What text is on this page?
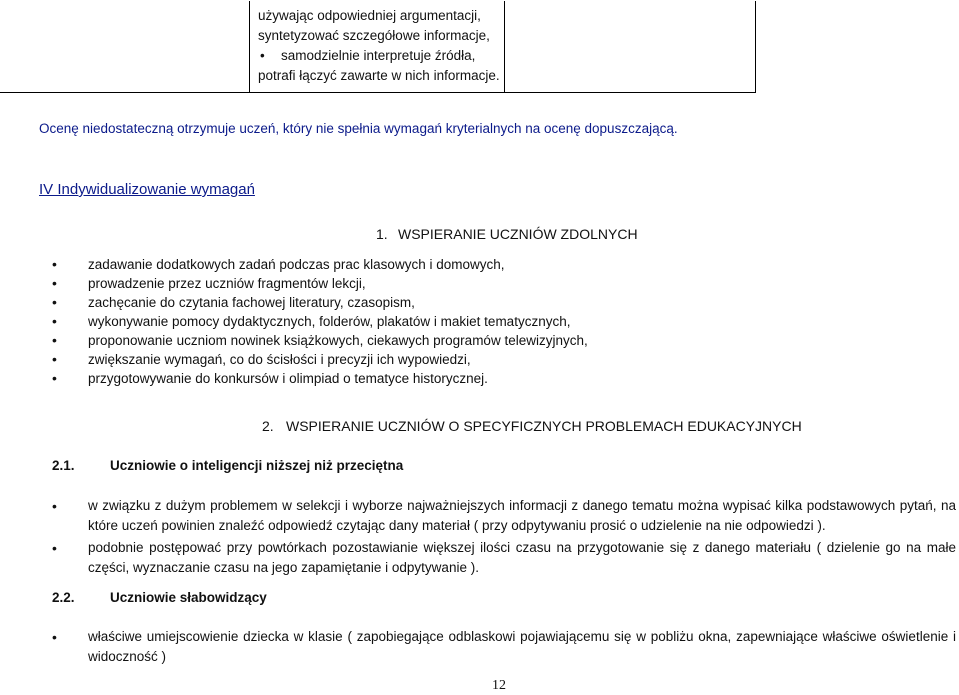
używając odpowiedniej argumentacji,
syntetyzować szczegółowe informacje,
• samodzielnie interpretuje źródła,
potrafi łączyć zawarte w nich informacje.
Ocenę niedostateczną otrzymuje uczeń, który nie spełnia wymagań kryterialnych na ocenę dopuszczającą.
IV Indywidualizowanie wymagań
1. WSPIERANIE UCZNIÓW ZDOLNYCH
• zadawanie dodatkowych zadań podczas prac klasowych i domowych,
• prowadzenie przez uczniów fragmentów lekcji,
• zachęcanie do czytania fachowej literatury, czasopism,
• wykonywanie pomocy dydaktycznych, folderów, plakatów i makiet tematycznych,
• proponowanie uczniom nowinek książkowych, ciekawych programów telewizyjnych,
• zwiększanie wymagań, co do ścisłości i precyzji ich wypowiedzi,
• przygotowywanie do konkursów i olimpiad o tematyce historycznej.
2. WSPIERANIE UCZNIÓW O SPECYFICZNYCH PROBLEMACH EDUKACYJNYCH
2.1.	Uczniowie o inteligencji niższej niż przeciętna
• w związku z dużym problemem w selekcji i wyborze najważniejszych informacji z danego tematu można wypisać kilka podstawowych pytań, na które uczeń powinien znaleźć odpowiedź czytając dany materiał ( przy odpytywaniu prosić o udzielenie na nie odpowiedzi ).
• podobnie postępować przy powtórkach pozostawianie większej ilości czasu na przygotowanie się z danego materiału ( dzielenie go na małe części, wyznaczanie czasu na jego zapamiętanie i odpytywanie ).
2.2.	Uczniowie słabowidzący
• właściwe umiejscowienie dziecka w klasie ( zapobiegające odblaskowi pojawiającemu się w pobliżu okna, zapewniające właściwe oświetlenie i widoczność )
12
